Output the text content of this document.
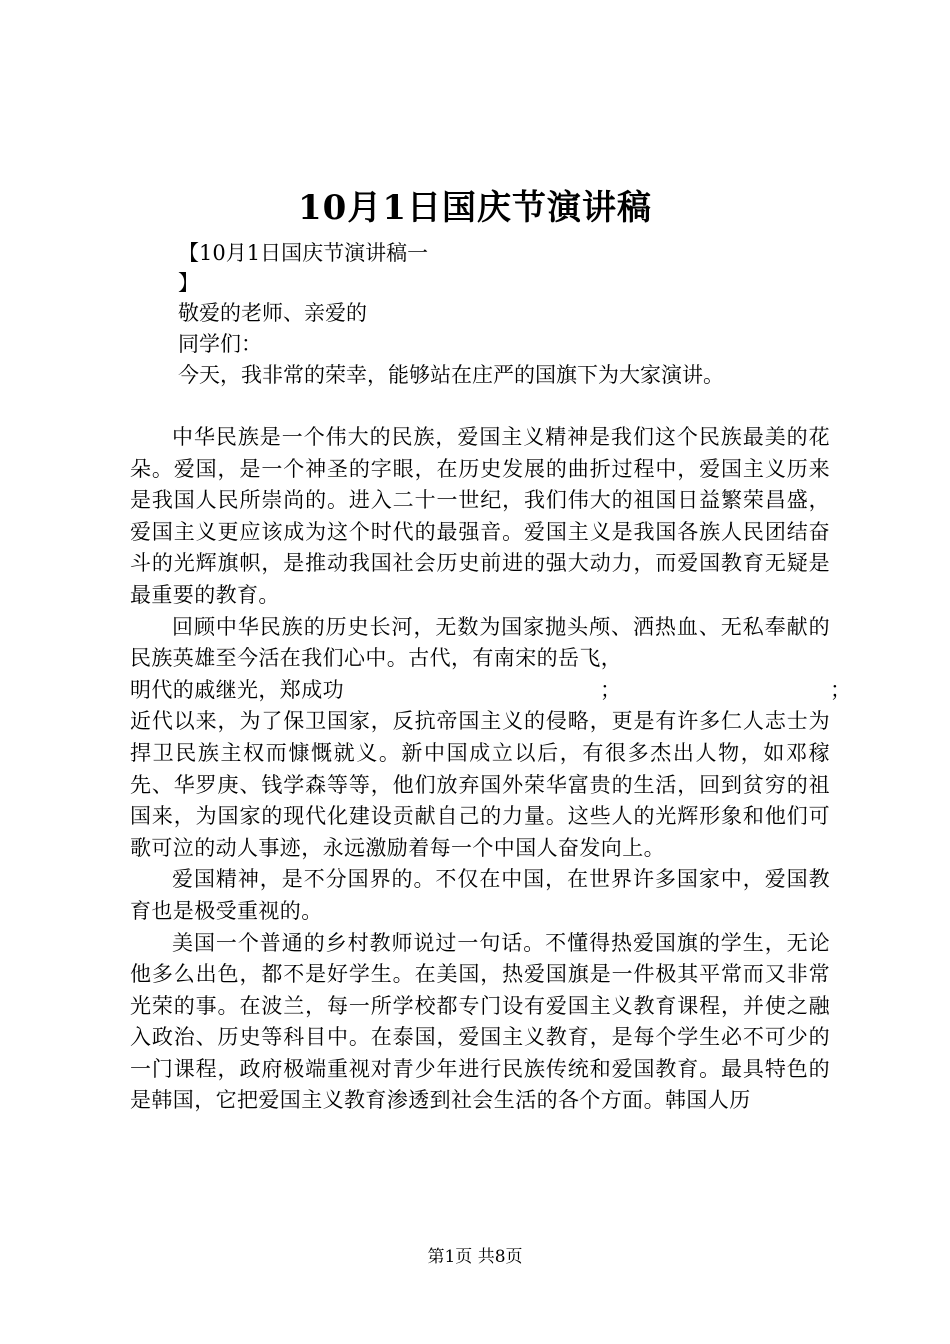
10月1日国庆节演讲稿
【10月1日国庆节演讲稿一
】
敬爱的老师、亲爱的
同学们：
今天，我非常的荣幸，能够站在庄严的国旗下为大家演讲。

中华民族是一个伟大的民族，爱国主义精神是我们这个民族最美的花朵。爱国，是一个神圣的字眼，在历史发展的曲折过程中，爱国主义历来是我国人民所崇尚的。进入二十一世纪，我们伟大的祖国日益繁荣昌盛，爱国主义更应该成为这个时代的最强音。爱国主义是我国各族人民团结奋斗的光辉旗帜，是推动我国社会历史前进的强大动力，而爱国教育无疑是最重要的教育。

回顾中华民族的历史长河，无数为国家抛头颅、洒热血、无私奉献的民族英雄至今活在我们心中。古代，有南宋的岳飞，

明代的戚继光，郑成功	；	；

近代以来，为了保卫国家，反抗帝国主义的侵略，更是有许多仁人志士为捍卫民族主权而慷慨就义。新中国成立以后，有很多杰出人物，如邓稼先、华罗庚、钱学森等等，他们放弃国外荣华富贵的生活，回到贫穷的祖国来，为国家的现代化建设贡献自己的力量。这些人的光辉形象和他们可歌可泣的动人事迹，永远激励着每一个中国人奋发向上。

爱国精神，是不分国界的。不仅在中国，在世界许多国家中，爱国教育也是极受重视的。

美国一个普通的乡村教师说过一句话。不懂得热爱国旗的学生，无论他多么出色，都不是好学生。在美国，热爱国旗是一件极其平常而又非常光荣的事。在波兰，每一所学校都专门设有爱国主义教育课程，并使之融入政治、历史等科目中。在泰国，爱国主义教育，是每个学生必不可少的一门课程，政府极端重视对青少年进行民族传统和爱国教育。最具特色的是韩国，它把爱国主义教育渗透到社会生活的各个方面。韩国人历

第1页 共8页
